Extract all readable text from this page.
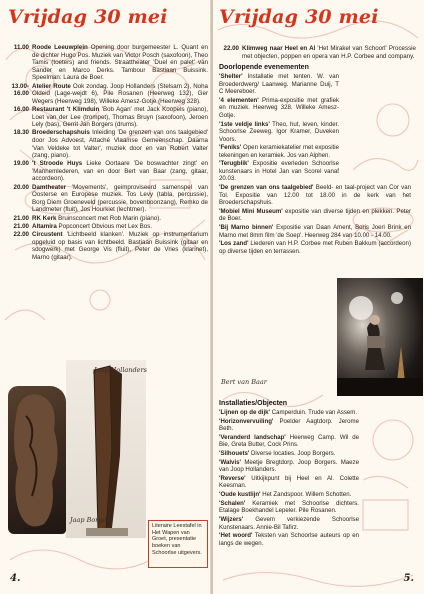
Vrijdag 30 mei
11.00 Roode Leeuwplein Opening door burgemeester L. Quant en de dichter Hugo Pos. Muziek van Victor Posch (saxofoon), Theo Tamis (toeters) and friends. Straattheater 'Duel en palet' van Sander en Marco Derks. Tambour Bastiaan Buissink. Speelman: Laura de Boer.
13.00-16.00
Atelier Route Ook zondag. Joop Hollanders (Stelsam 2), Noha Oldeid (Lage-wejdt 6), Pile Rosanen (Heerweg 132), Ger Wegers (Heerweg 198), Willeke Amesz-Gotje (Heerweg 328).
16.00 Restaurant 't Klimduin 'Bob Agan' met Jack Koopels (piano), Loet van der Lee (trompet), Thomas Bruyn (saxofoon), Jeroen Lely (bas), Gerrit Jan Borgers (drums).
18.30 Broederschapshuis Inleiding 'De grenzen van ons taalgebied' door Jos Advoest, Attaché Vlaamse Gemeenschap. Daarna 'Van Veldeke tot Valter', muziek door en van Robert Valter (zang, piano).
19.00 't Stroode Huys Lieke Oortaare 'De boswachter zingt' en 'Manhemlederen, van en door Bert van Baar (zang, gitaar, accordeon).
20.00 Damtheater 'Movements', geimproviseerd samenspel van Oosterse en Europese muziek. Tos Levy (tabla, percussie), Borg Diem Groeneveld (percussie, bovenboonzang), Remko de Landmeter (fluit), Jos Hourkiet (lechtmer).
21.00 RK Kerk Bruinsconcert met Rob Marin (piano).
21.00 Altamira Popconcert Obvious met Lex Bos.
22.00 Circustent 'Lichtbeeld klanken'. Muziek op instrumentarium opgeluid op basis van lichtbeeld. Bastiaan Buissink (gitaar en sdogwerk) met George Vis (fluit), Peter de Vries (klarinet), Marno (gitaar).
Joop Hollanders
Jaap Borgers
Literaire Leestafel in Het Wapen van Groet, presentatie boeken van Schoorlse uitgevers.
4.
Vrijdag 30 mei
22.00 Klimweg naar Heel en Al 'Het Mirakel van Schoorl' Processie met objecten, poppen en opera van H.P. Corbee and company.
Doorlopende evenementen
'Shelter' Installatie met tenten. W. van Broederdwerg/ Laanweg. Marianne Duij, T C Meereboer.
'4 elementen' Prima-expositie met grafiek en muziek. Heerweg 328. Willeke Amesz-Gotje.
'1ste veldje links' Theo, hut, leven, kinder. Schoorlse Zeeweg. Igor Kramer, Duveken Voors.
'Feniks' Open keramiekatelier met expositie tekeningen en keramiek. Jos van Alphen.
'Terugblik' Expositie everleden Schoorlse kunstenaars in Hotel Jan van Scorel vanaf 20.03.
'De grenzen van ons taalgebied' Beeld- en taal-project van Cor van Tol. Expositie van 12.00 tot 18.00 in de kerk van het Broederschapshuis.
'Mobiel Mini Museum' expositie van diverse tijden en plekken. Peter de Boer.
'Bij Marno binnen' Expositie van Daan Ament, Boris Joeri Brink en Marno met 8mm film 'de Soep'. Heerweg 284 van 10.00 - 14.00.
'Los zand' Liederen van H.P. Corbee met Ruben Bakkum (accordeon) op diverse tijden en terrassen.
Bert van Baar
Installaties/Objecten
'Lijnen op de dijk' Camperduin. Trude van Assem.
'Horizonvervuiling' Poelder Aagtdorp. Jerome Beth.
'Veranderd landschap' Heerweg Camp. Wil de Bie, Greta Butter, Cock Prins.
'Silhouets' Diverse locaties. Joop Borgers.
'Walvis' Meetje Bregtdorp. Joop Borgers. Maeze van Joop Hollanders.
'Reverse' Uitkijkpunt bij Heel en Al. Colette Keesman.
'Oude kustlijn' Het Zandspoor. Willem Schotten.
'Schalen' Keramiek met Schoorlse dichters. Etalage Boekhandel Lepeler. Pile Rosanen.
'Wijzers' Gevem verkiezende Schoorlse Kunstenaars. Annie-Bil Tafirz.
'Het woord' Teksten van Schoorlse auteurs op en langs de wegen.
5.
